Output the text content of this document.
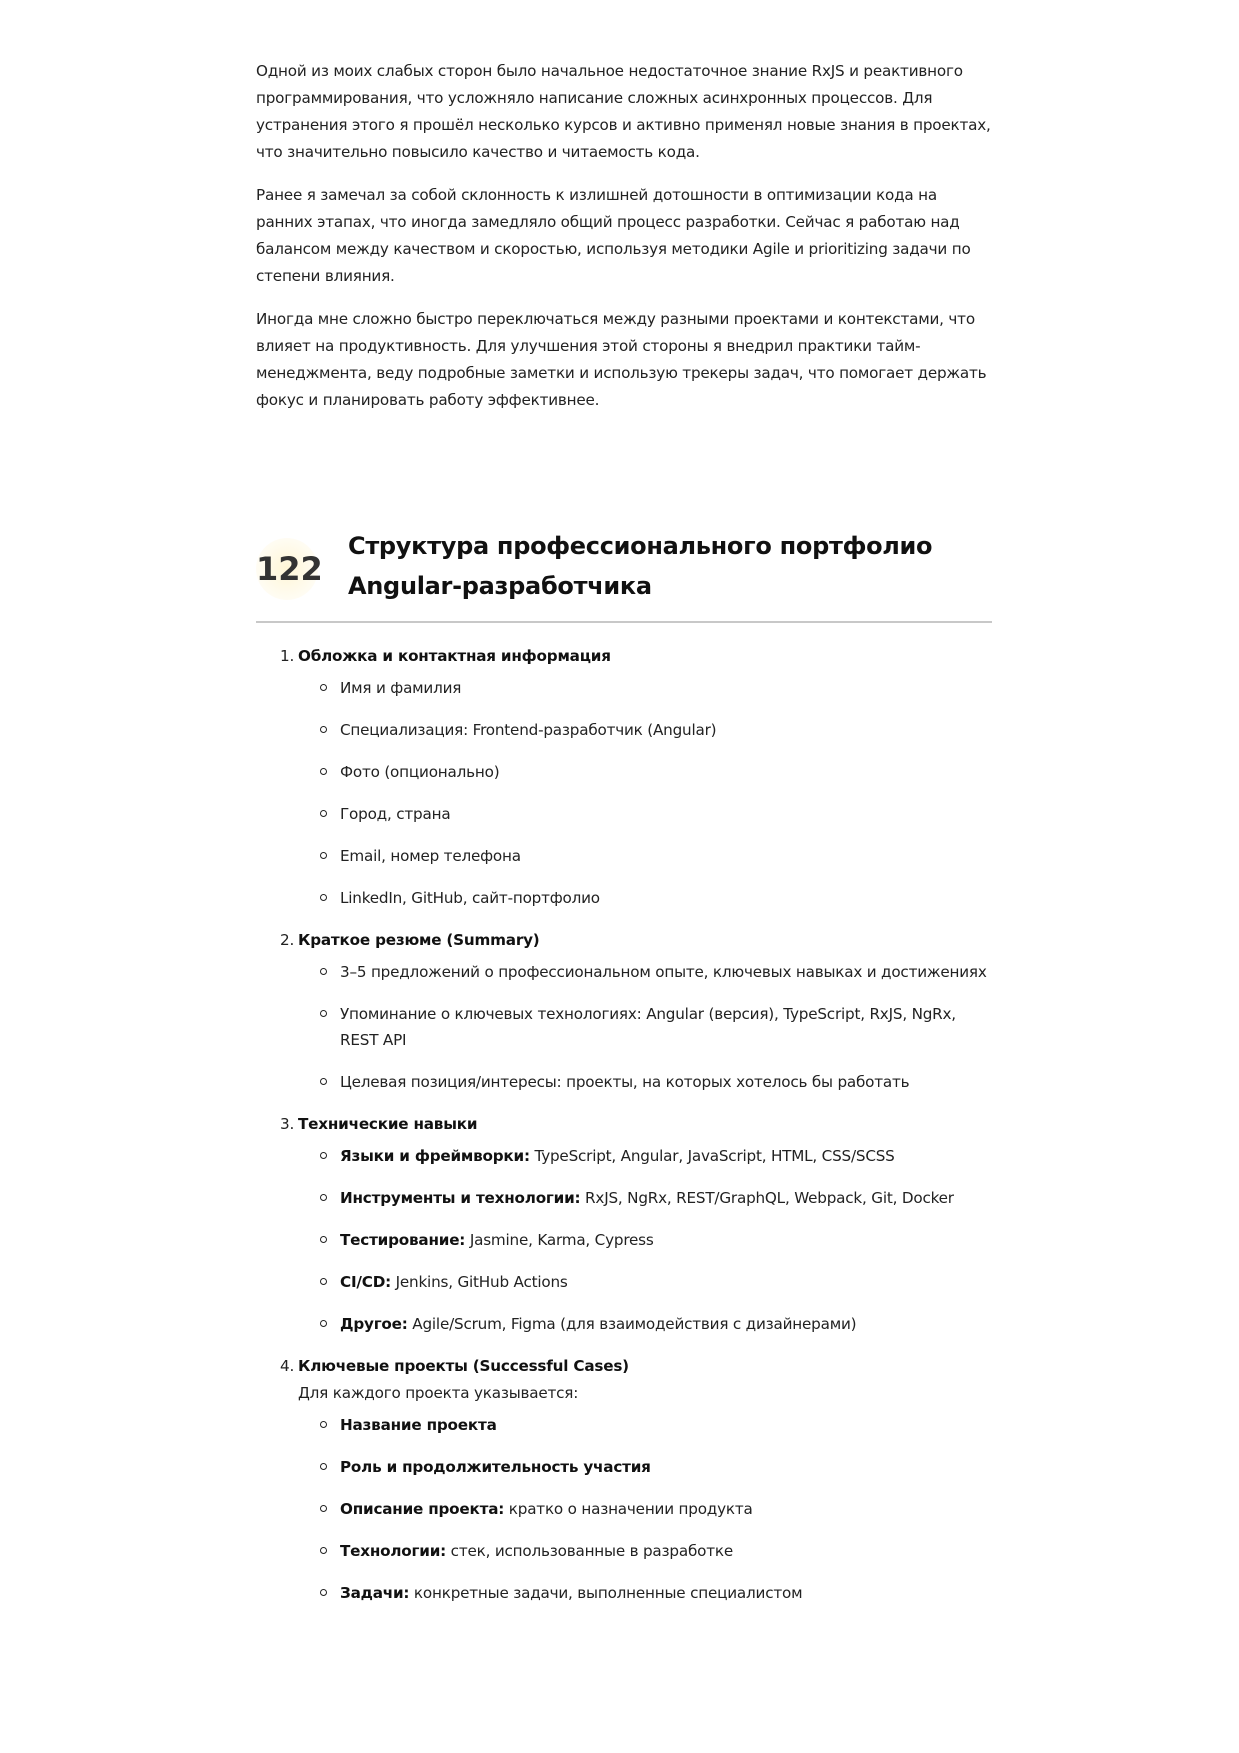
Одной из моих слабых сторон было начальное недостаточное знание RxJS и реактивного программирования, что усложняло написание сложных асинхронных процессов. Для устранения этого я прошёл несколько курсов и активно применял новые знания в проектах, что значительно повысило качество и читаемость кода.

Ранее я замечал за собой склонность к излишней дотошности в оптимизации кода на ранних этапах, что иногда замедляло общий процесс разработки. Сейчас я работаю над балансом между качеством и скоростью, используя методики Agile и prioritizing задачи по степени влияния.

Иногда мне сложно быстро переключаться между разными проектами и контекстами, что влияет на продуктивность. Для улучшения этой стороны я внедрил практики тайм-менеджмента, веду подробные заметки и использую трекеры задач, что помогает держать фокус и планировать работу эффективнее.

122
Структура профессионального портфолио Angular-разработчика
1. Обложка и контактная информация
Имя и фамилия
Специализация: Frontend-разработчик (Angular)
Фото (опционально)
Город, страна
Email, номер телефона
LinkedIn, GitHub, сайт-портфолио
2. Краткое резюме (Summary)
3–5 предложений о профессиональном опыте, ключевых навыках и достижениях
Упоминание о ключевых технологиях: Angular (версия), TypeScript, RxJS, NgRx, REST API
Целевая позиция/интересы: проекты, на которых хотелось бы работать
3. Технические навыки
Языки и фреймворки: TypeScript, Angular, JavaScript, HTML, CSS/SCSS
Инструменты и технологии: RxJS, NgRx, REST/GraphQL, Webpack, Git, Docker
Тестирование: Jasmine, Karma, Cypress
CI/CD: Jenkins, GitHub Actions
Другое: Agile/Scrum, Figma (для взаимодействия с дизайнерами)
4. Ключевые проекты (Successful Cases)
Для каждого проекта указывается:
Название проекта
Роль и продолжительность участия
Описание проекта: кратко о назначении продукта
Технологии: стек, использованные в разработке
Задачи: конкретные задачи, выполненные специалистом
